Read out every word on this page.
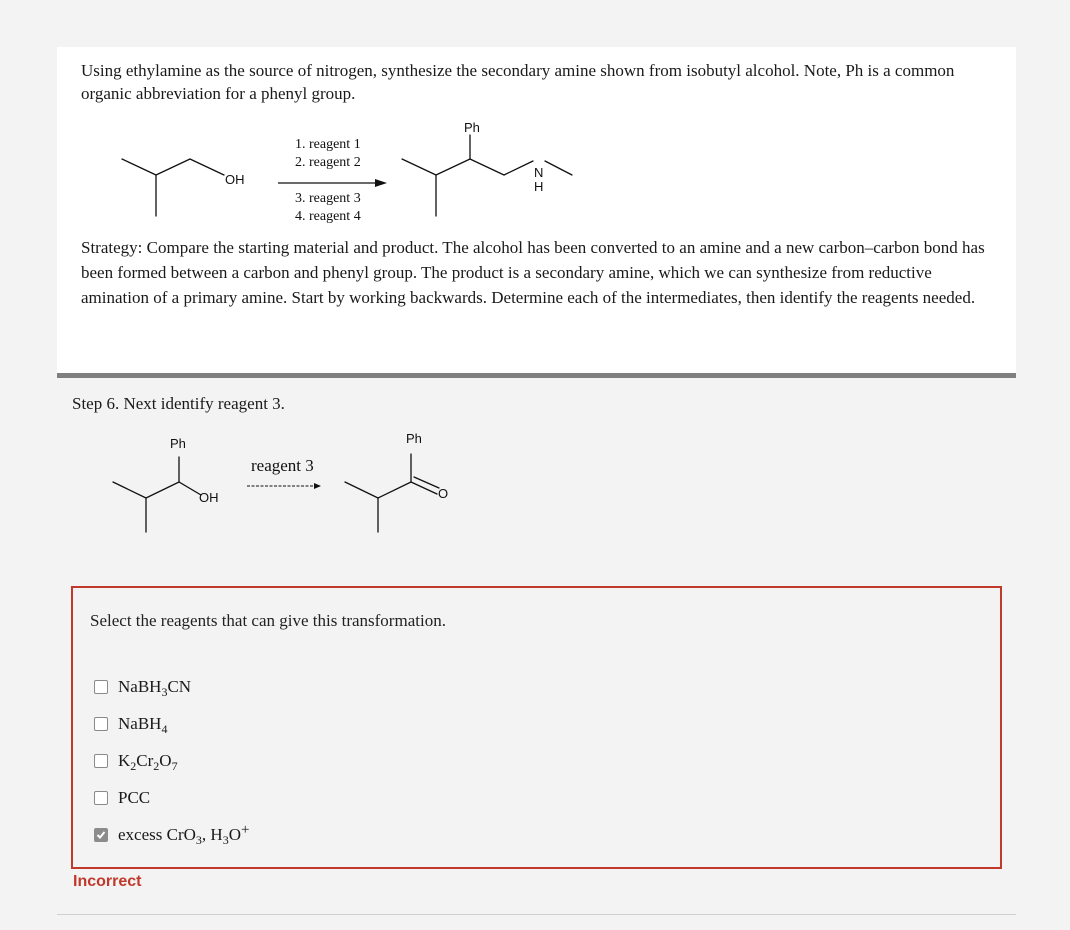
Using ethylamine as the source of nitrogen, synthesize the secondary amine shown from isobutyl alcohol. Note, Ph is a common organic abbreviation for a phenyl group.

OH
Ph
N
H
1. reagent 1
2. reagent 2
3. reagent 3
4. reagent 4

Strategy: Compare the starting material and product. The alcohol has been converted to an amine and a new carbon–carbon bond has been formed between a carbon and phenyl group. The product is a secondary amine, which we can synthesize from reductive amination of a primary amine. Start by working backwards. Determine each of the intermediates, then identify the reagents needed.

Step 6. Next identify reagent 3.

Ph
OH
reagent 3
Ph
O

Select the reagents that can give this transformation.

NaBH$_3$CN
NaBH$_4$
$K_2Cr_2O_7$
PCC
excess CrO$_3$, $H_3O^+$

Incorrect
